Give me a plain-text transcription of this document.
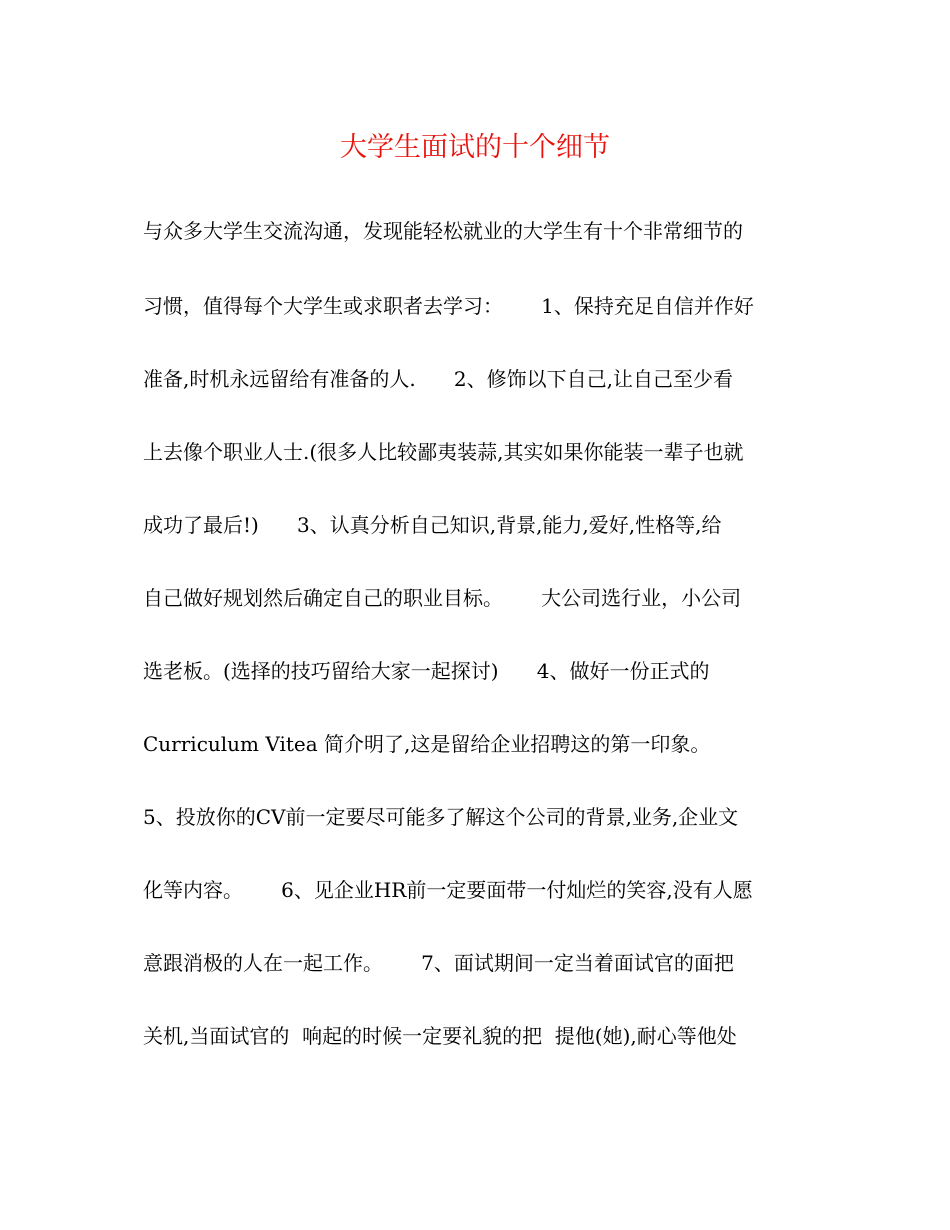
大学生面试的十个细节
与众多大学生交流沟通，发现能轻松就业的大学生有十个非常细节的
习惯，值得每个大学生或求职者去学习：      1、保持充足自信并作好
准备,时机永远留给有准备的人.      2、修饰以下自己,让自己至少看
上去像个职业人士.(很多人比较鄙夷装蒜,其实如果你能装一辈子也就
成功了最后!)      3、认真分析自己知识,背景,能力,爱好,性格等,给
自己做好规划然后确定自己的职业目标。      大公司选行业，小公司
选老板。(选择的技巧留给大家一起探讨)      4、做好一份正式的
Curriculum Vitea 简介明了,这是留给企业招聘这的第一印象。
5、投放你的CV前一定要尽可能多了解这个公司的背景,业务,企业文
化等内容。      6、见企业HR前一定要面带一付灿烂的笑容,没有人愿
意跟消极的人在一起工作。      7、面试期间一定当着面试官的面把
关机,当面试官的  响起的时候一定要礼貌的把  提他(她),耐心等他处
